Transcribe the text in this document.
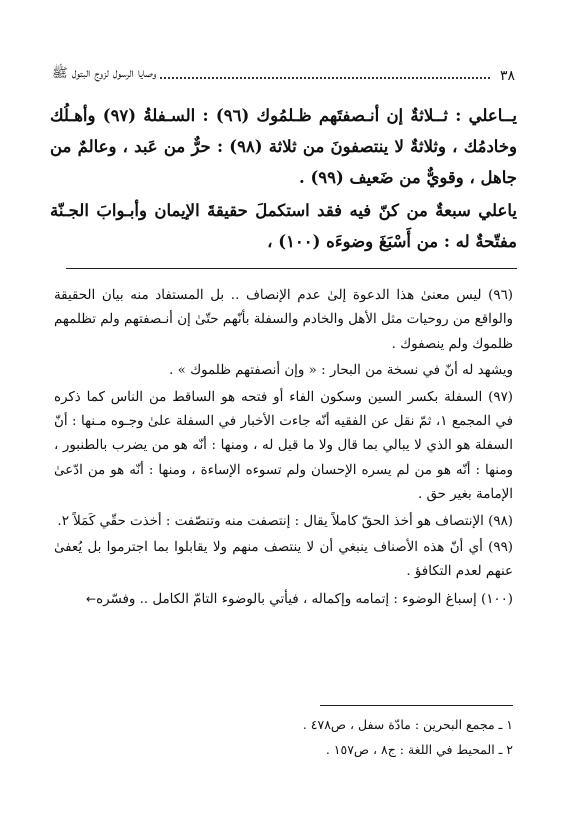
٣٨
وصايا الرسول لزوج البتول ﷺ

يــاعلي : ثــلاثةٌ إن أنـصفتَهم ظـلمُوك (٩٦) : السـفلةُ (٩٧) وأهـلُك وخادمُك ، وثلاثةٌ لا ينتصفونَ من ثلاثة (٩٨) : حرٌّ من عَبد ، وعالمٌ من جاهل ، وقويٌّ من ضَعيف (٩٩) .

ياعلي سبعةٌ من كنّ فيه فقد استكملَ حقيقةَ الإيمان وأبـوابَ الجـنّة مفتّحةٌ له : من أَسْبَغَ وضوءَه (١٠٠) ،

(٩٦) ليس معنىٰ هذا الدعوة إلىٰ عدم الإنصاف .. بل المستفاد منه بيان الحقيقة والواقع من روحيات مثل الأهل والخادم والسفلة بأنّهم حتّىٰ إن أنـصفتهم ولم تظلمهم ظلموك ولم ينصفوك .

ويشهد له أنّ في نسخة من البحار : « وإن أنصفتهم ظلموك » .

(٩٧) السفلة بكسر السين وسكون الفاء أو فتحه هو الساقط من الناس كما ذكره في المجمع ١، ثمّ نقل عن الفقيه أنّه جاءت الأخبار في السفلة علىٰ وجـوه مـنها : أنّ السفلة هو الذي لا يبالي بما قال ولا ما قيل له ، ومنها : أنّه هو من يضرب بالطنبور ، ومنها : أنّه هو من لم يسره الإحسان ولم تسوءه الإساءة ، ومنها : أنّه هو من ادّعىٰ الإمامة بغير حق .

(٩٨) الإنتصاف هو أخذ الحقّ كاملاً يقال : إنتصفت منه وتنصّفت : أخذت حقّي كَمَلاً ٢.

(٩٩) أي أنّ هذه الأصناف ينبغي أن لا ينتصف منهم ولا يقابلوا بما اجترموا بل يُعفىٰ عنهم لعدم التكافؤ .

(١٠٠) إسباغ الوضوء : إتمامه وإكماله ، فيأتي بالوضوء التامّ الكامل .. وفسّره←

١ ـ مجمع البحرين : مادّة سفل ، ص٤٧٨ .

٢ ـ المحيط في اللغة : ج٨ ، ص١٥٧ .
